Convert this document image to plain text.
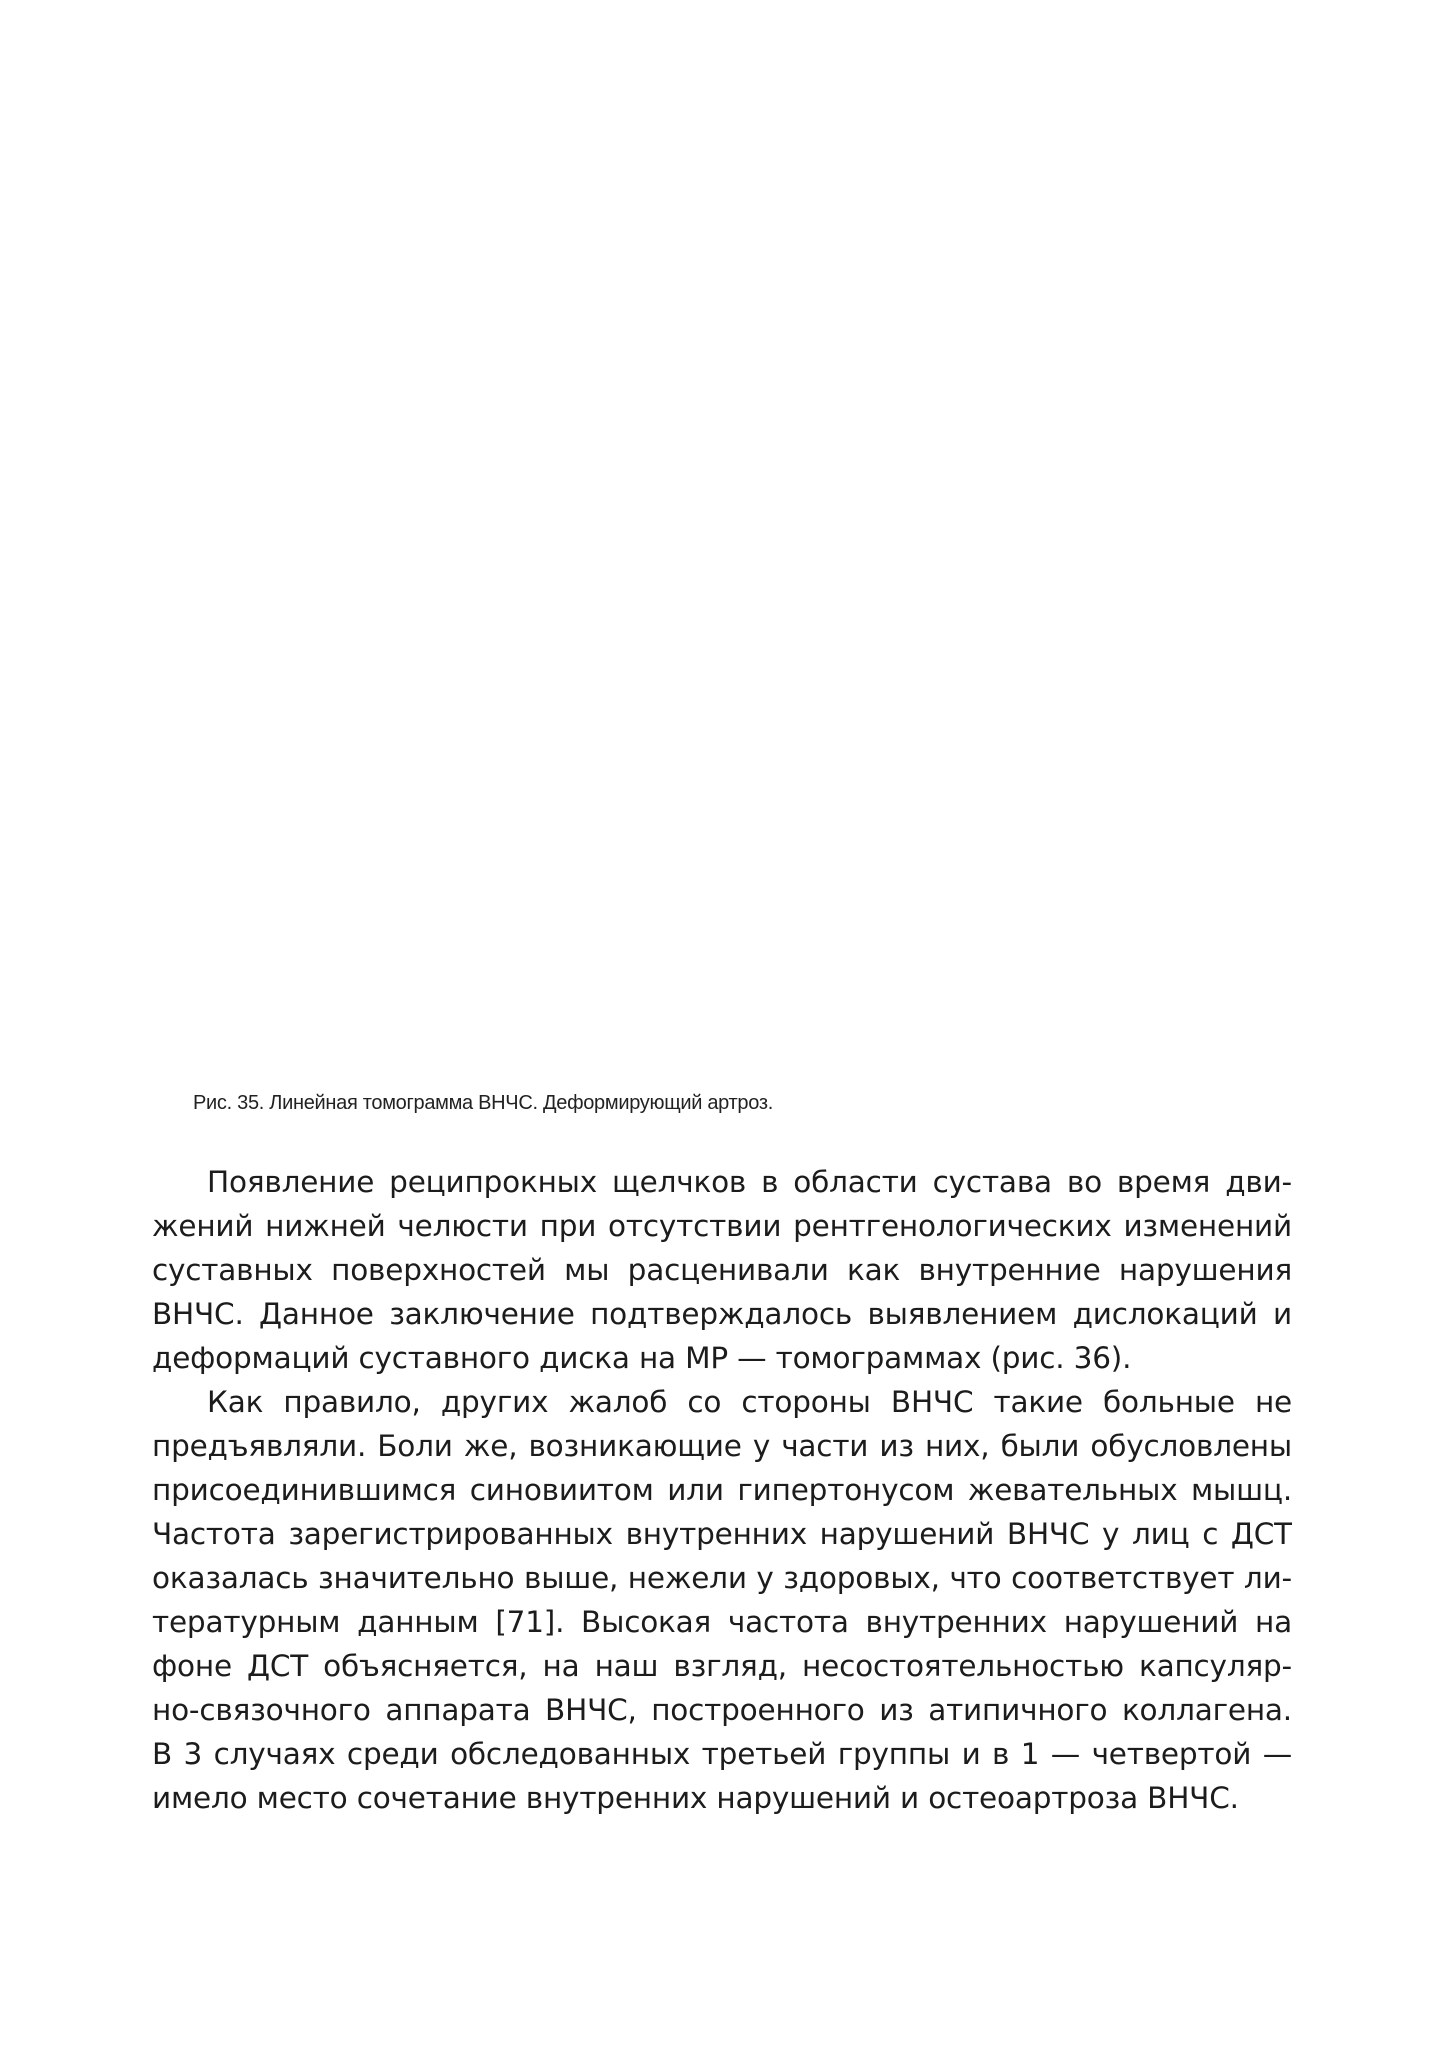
Рис. 35. Линейная томограмма ВНЧС. Деформирующий артроз.

Появление реципрокных щелчков в области сустава во время дви-
жений нижней челюсти при отсутствии рентгенологических изменений
суставных поверхностей мы расценивали как внутренние нарушения
ВНЧС. Данное заключение подтверждалось выявлением дислокаций и
деформаций суставного диска на МР — томограммах (рис. 36).

Как правило, других жалоб со стороны ВНЧС такие больные не
предъявляли. Боли же, возникающие у части из них, были обусловлены
присоединившимся синовиитом или гипертонусом жевательных мышц.
Частота зарегистрированных внутренних нарушений ВНЧС у лиц с ДСТ
оказалась значительно выше, нежели у здоровых, что соответствует ли-
тературным данным [71]. Высокая частота внутренних нарушений на
фоне ДСТ объясняется, на наш взгляд, несостоятельностью капсуляр-
но-связочного аппарата ВНЧС, построенного из атипичного коллагена.
В 3 случаях среди обследованных третьей группы и в 1 — четвертой —
имело место сочетание внутренних нарушений и остеоартроза ВНЧС.
